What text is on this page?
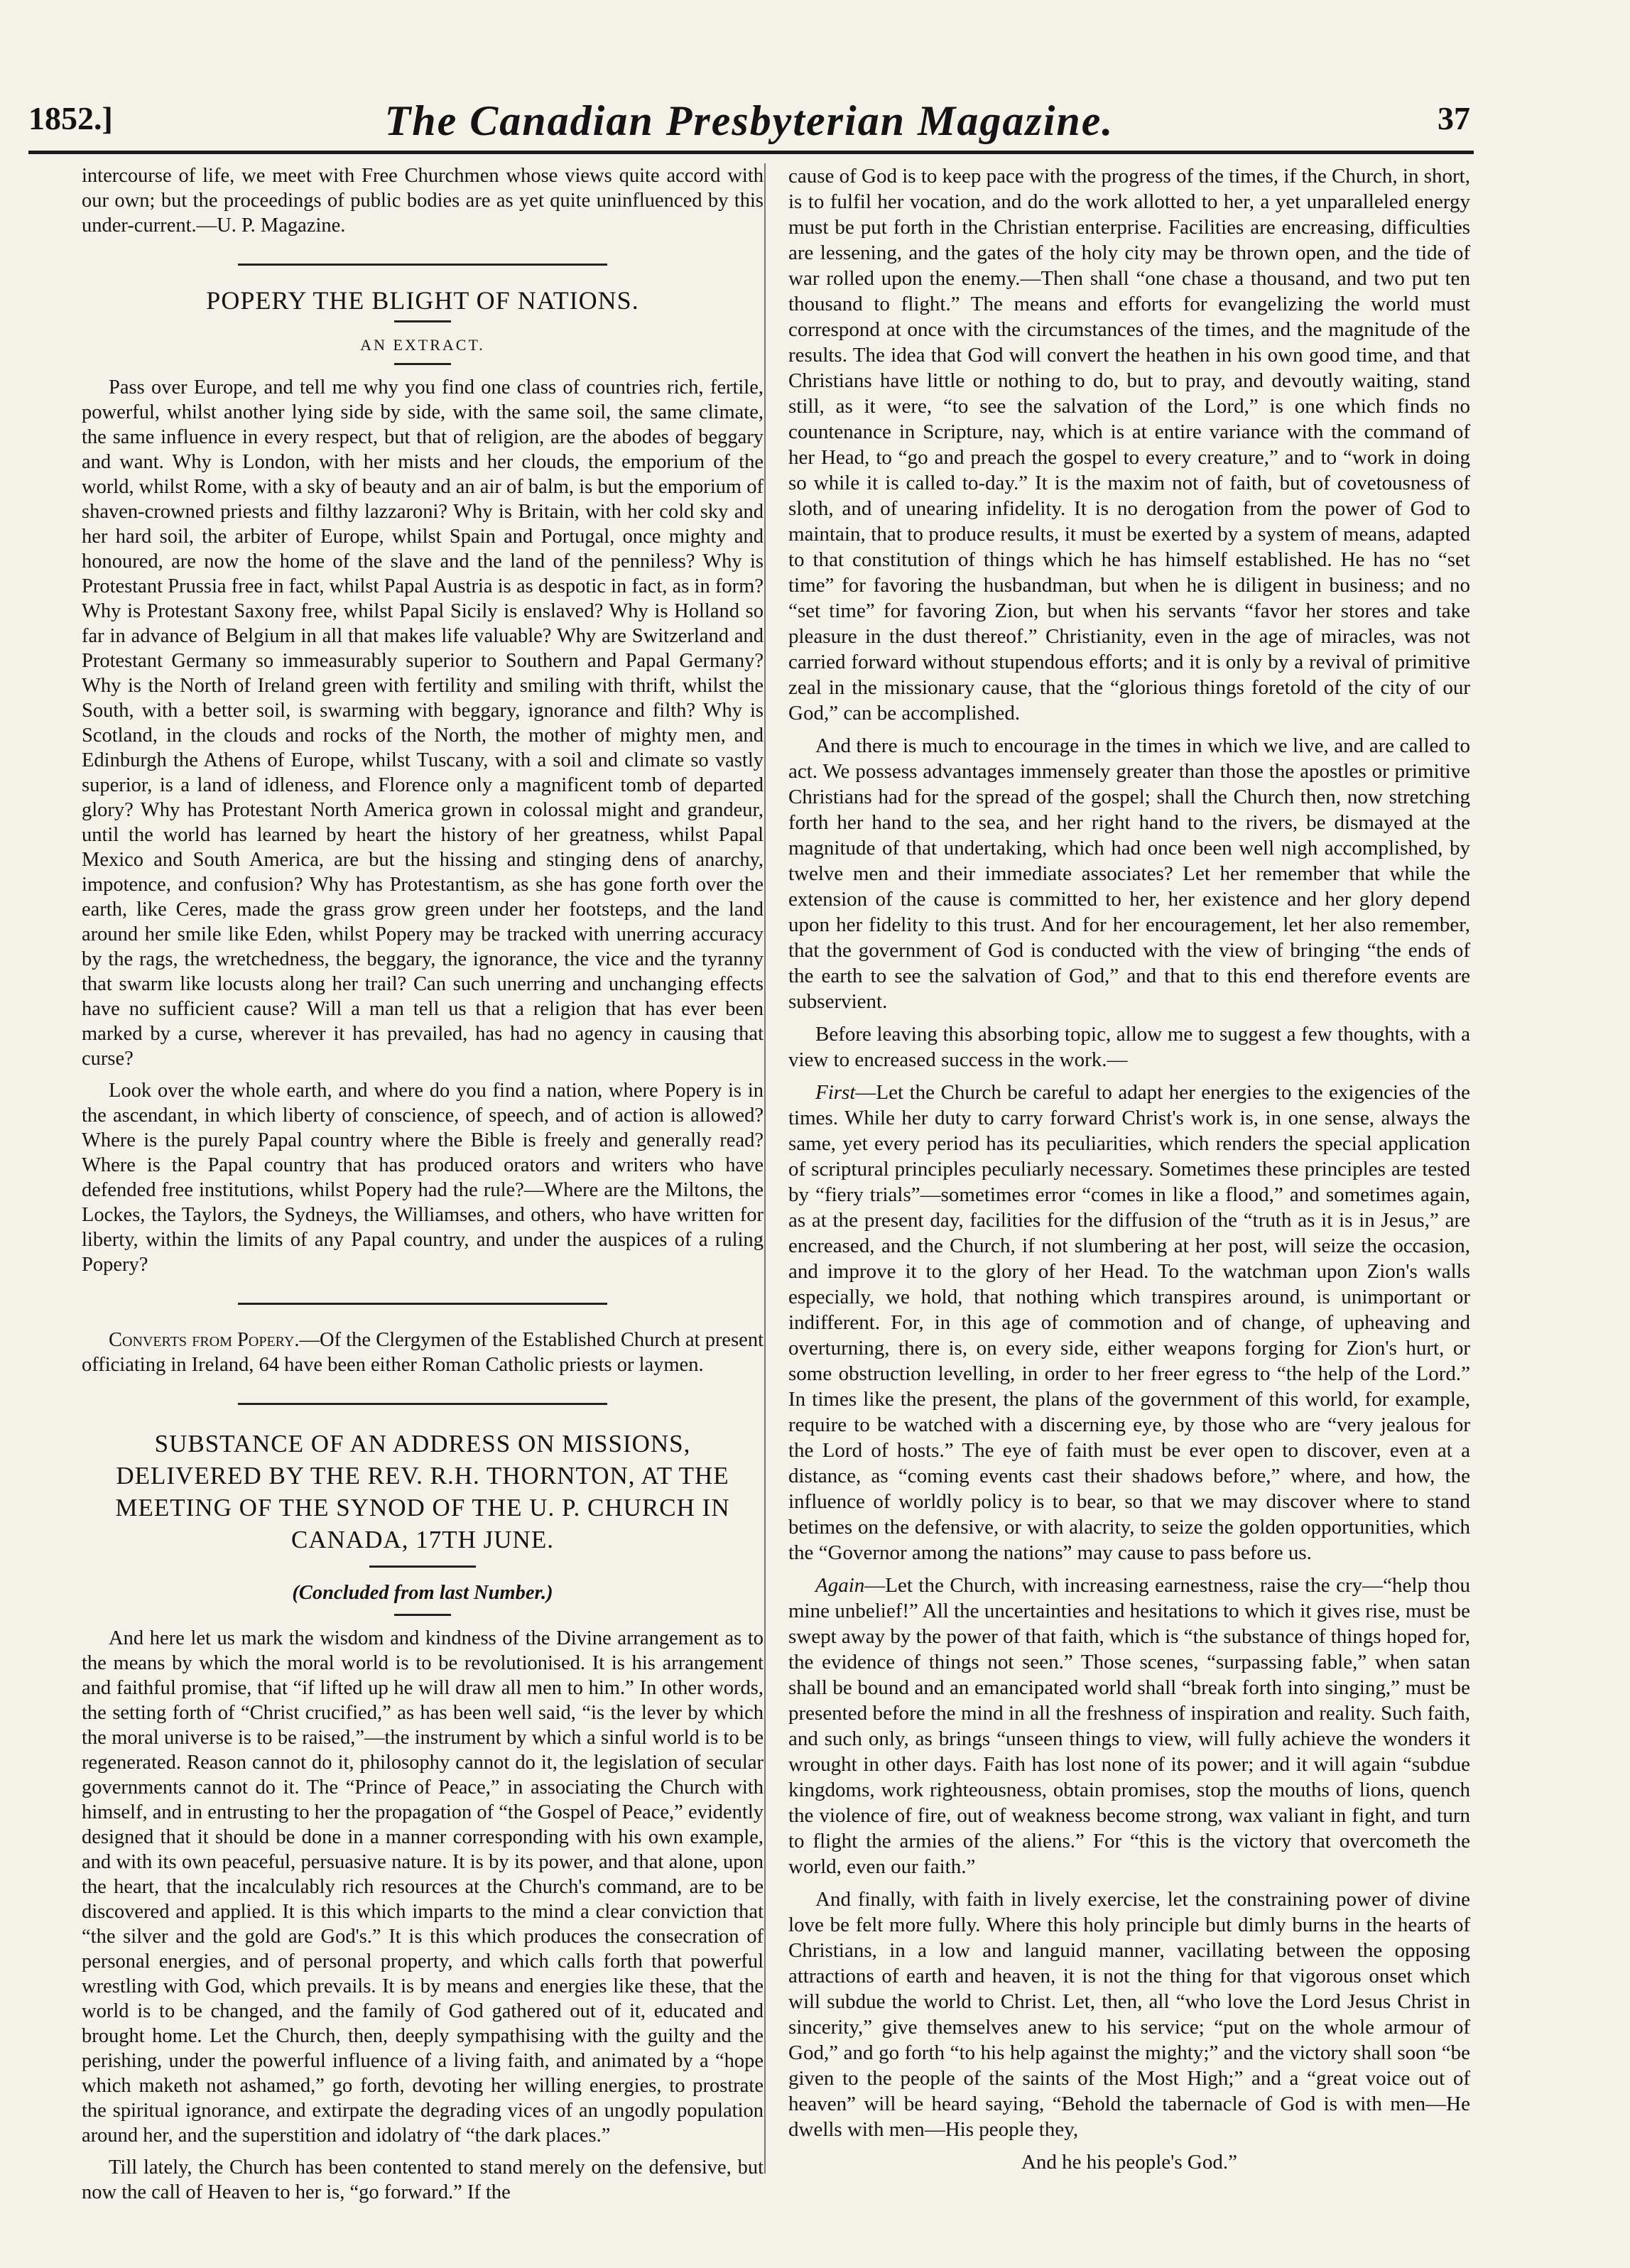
1852.]	The Canadian Presbyterian Magazine.	37

intercourse of life, we meet with Free Churchmen whose views quite accord with our own; but the proceedings of public bodies are as yet quite uninfluenced by this under-current.—U. P. Magazine.

POPERY THE BLIGHT OF NATIONS.
AN EXTRACT.

Pass over Europe, and tell me why you find one class of countries rich, fertile, powerful, whilst another lying side by side, with the same soil, the same climate, the same influence in every respect, but that of religion, are the abodes of beggary and want. Why is London, with her mists and her clouds, the emporium of the world, whilst Rome, with a sky of beauty and an air of balm, is but the emporium of shaven-crowned priests and filthy lazzaroni? Why is Britain, with her cold sky and her hard soil, the arbiter of Europe, whilst Spain and Portugal, once mighty and honoured, are now the home of the slave and the land of the penniless? Why is Protestant Prussia free in fact, whilst Papal Austria is as despotic in fact, as in form? Why is Protestant Saxony free, whilst Papal Sicily is enslaved? Why is Holland so far in advance of Belgium in all that makes life valuable? Why are Switzerland and Protestant Germany so immeasurably superior to Southern and Papal Germany? Why is the North of Ireland green with fertility and smiling with thrift, whilst the South, with a better soil, is swarming with beggary, ignorance and filth? Why is Scotland, in the clouds and rocks of the North, the mother of mighty men, and Edinburgh the Athens of Europe, whilst Tuscany, with a soil and climate so vastly superior, is a land of idleness, and Florence only a magnificent tomb of departed glory? Why has Protestant North America grown in colossal might and grandeur, until the world has learned by heart the history of her greatness, whilst Papal Mexico and South America, are but the hissing and stinging dens of anarchy, impotence, and confusion? Why has Protestantism, as she has gone forth over the earth, like Ceres, made the grass grow green under her footsteps, and the land around her smile like Eden, whilst Popery may be tracked with unerring accuracy by the rags, the wretchedness, the beggary, the ignorance, the vice and the tyranny that swarm like locusts along her trail? Can such unerring and unchanging effects have no sufficient cause? Will a man tell us that a religion that has ever been marked by a curse, wherever it has prevailed, has had no agency in causing that curse?

Look over the whole earth, and where do you find a nation, where Popery is in the ascendant, in which liberty of conscience, of speech, and of action is allowed? Where is the purely Papal country where the Bible is freely and generally read? Where is the Papal country that has produced orators and writers who have defended free institutions, whilst Popery had the rule?—Where are the Miltons, the Lockes, the Taylors, the Sydneys, the Williamses, and others, who have written for liberty, within the limits of any Papal country, and under the auspices of a ruling Popery?

Converts from Popery.—Of the Clergymen of the Established Church at present officiating in Ireland, 64 have been either Roman Catholic priests or laymen.

SUBSTANCE OF AN ADDRESS ON MISSIONS, DELIVERED BY THE REV. R.H. THORNTON, AT THE MEETING OF THE SYNOD OF THE U. P. CHURCH IN CANADA, 17TH JUNE.
(Concluded from last Number.)

And here let us mark the wisdom and kindness of the Divine arrangement as to the means by which the moral world is to be revolutionised. It is his arrangement and faithful promise, that “if lifted up he will draw all men to him.” In other words, the setting forth of “Christ crucified,” as has been well said, “is the lever by which the moral universe is to be raised,”—the instrument by which a sinful world is to be regenerated. Reason cannot do it, philosophy cannot do it, the legislation of secular governments cannot do it. The “Prince of Peace,” in associating the Church with himself, and in entrusting to her the propagation of “the Gospel of Peace,” evidently designed that it should be done in a manner corresponding with his own example, and with its own peaceful, persuasive nature. It is by its power, and that alone, upon the heart, that the incalculably rich resources at the Church's command, are to be discovered and applied. It is this which imparts to the mind a clear conviction that “the silver and the gold are God's.” It is this which produces the consecration of personal energies, and of personal property, and which calls forth that powerful wrestling with God, which prevails. It is by means and energies like these, that the world is to be changed, and the family of God gathered out of it, educated and brought home. Let the Church, then, deeply sympathising with the guilty and the perishing, under the powerful influence of a living faith, and animated by a “hope which maketh not ashamed,” go forth, devoting her willing energies, to prostrate the spiritual ignorance, and extirpate the degrading vices of an ungodly population around her, and the superstition and idolatry of “the dark places.”

Till lately, the Church has been contented to stand merely on the defensive, but now the call of Heaven to her is, “go forward.” If the

cause of God is to keep pace with the progress of the times, if the Church, in short, is to fulfil her vocation, and do the work allotted to her, a yet unparalleled energy must be put forth in the Christian enterprise. Facilities are encreasing, difficulties are lessening, and the gates of the holy city may be thrown open, and the tide of war rolled upon the enemy.—Then shall “one chase a thousand, and two put ten thousand to flight.” The means and efforts for evangelizing the world must correspond at once with the circumstances of the times, and the magnitude of the results. The idea that God will convert the heathen in his own good time, and that Christians have little or nothing to do, but to pray, and devoutly waiting, stand still, as it were, “to see the salvation of the Lord,” is one which finds no countenance in Scripture, nay, which is at entire variance with the command of her Head, to “go and preach the gospel to every creature,” and to “work in doing so while it is called to-day.” It is the maxim not of faith, but of covetousness of sloth, and of unearing infidelity. It is no derogation from the power of God to maintain, that to produce results, it must be exerted by a system of means, adapted to that constitution of things which he has himself established. He has no “set time” for favoring the husbandman, but when he is diligent in business; and no “set time” for favoring Zion, but when his servants “favor her stores and take pleasure in the dust thereof.” Christianity, even in the age of miracles, was not carried forward without stupendous efforts; and it is only by a revival of primitive zeal in the missionary cause, that the “glorious things foretold of the city of our God,” can be accomplished.

And there is much to encourage in the times in which we live, and are called to act. We possess advantages immensely greater than those the apostles or primitive Christians had for the spread of the gospel; shall the Church then, now stretching forth her hand to the sea, and her right hand to the rivers, be dismayed at the magnitude of that undertaking, which had once been well nigh accomplished, by twelve men and their immediate associates? Let her remember that while the extension of the cause is committed to her, her existence and her glory depend upon her fidelity to this trust. And for her encouragement, let her also remember, that the government of God is conducted with the view of bringing “the ends of the earth to see the salvation of God,” and that to this end therefore events are subservient.

Before leaving this absorbing topic, allow me to suggest a few thoughts, with a view to encreased success in the work.—

First—Let the Church be careful to adapt her energies to the exigencies of the times. While her duty to carry forward Christ's work is, in one sense, always the same, yet every period has its peculiarities, which renders the special application of scriptural principles peculiarly necessary. Sometimes these principles are tested by “fiery trials”—sometimes error “comes in like a flood,” and sometimes again, as at the present day, facilities for the diffusion of the “truth as it is in Jesus,” are encreased, and the Church, if not slumbering at her post, will seize the occasion, and improve it to the glory of her Head. To the watchman upon Zion's walls especially, we hold, that nothing which transpires around, is unimportant or indifferent. For, in this age of commotion and of change, of upheaving and overturning, there is, on every side, either weapons forging for Zion's hurt, or some obstruction levelling, in order to her freer egress to “the help of the Lord.” In times like the present, the plans of the government of this world, for example, require to be watched with a discerning eye, by those who are “very jealous for the Lord of hosts.” The eye of faith must be ever open to discover, even at a distance, as “coming events cast their shadows before,” where, and how, the influence of worldly policy is to bear, so that we may discover where to stand betimes on the defensive, or with alacrity, to seize the golden opportunities, which the “Governor among the nations” may cause to pass before us.

Again—Let the Church, with increasing earnestness, raise the cry—“help thou mine unbelief!” All the uncertainties and hesitations to which it gives rise, must be swept away by the power of that faith, which is “the substance of things hoped for, the evidence of things not seen.” Those scenes, “surpassing fable,” when satan shall be bound and an emancipated world shall “break forth into singing,” must be presented before the mind in all the freshness of inspiration and reality. Such faith, and such only, as brings “unseen things to view, will fully achieve the wonders it wrought in other days. Faith has lost none of its power; and it will again “subdue kingdoms, work righteousness, obtain promises, stop the mouths of lions, quench the violence of fire, out of weakness become strong, wax valiant in fight, and turn to flight the armies of the aliens.” For “this is the victory that overcometh the world, even our faith.”

And finally, with faith in lively exercise, let the constraining power of divine love be felt more fully. Where this holy principle but dimly burns in the hearts of Christians, in a low and languid manner, vacillating between the opposing attractions of earth and heaven, it is not the thing for that vigorous onset which will subdue the world to Christ. Let, then, all “who love the Lord Jesus Christ in sincerity,” give themselves anew to his service; “put on the whole armour of God,” and go forth “to his help against the mighty;” and the victory shall soon “be given to the people of the saints of the Most High;” and a “great voice out of heaven” will be heard saying, “Behold the tabernacle of God is with men—He dwells with men—His people they,

And he his people's God.”
